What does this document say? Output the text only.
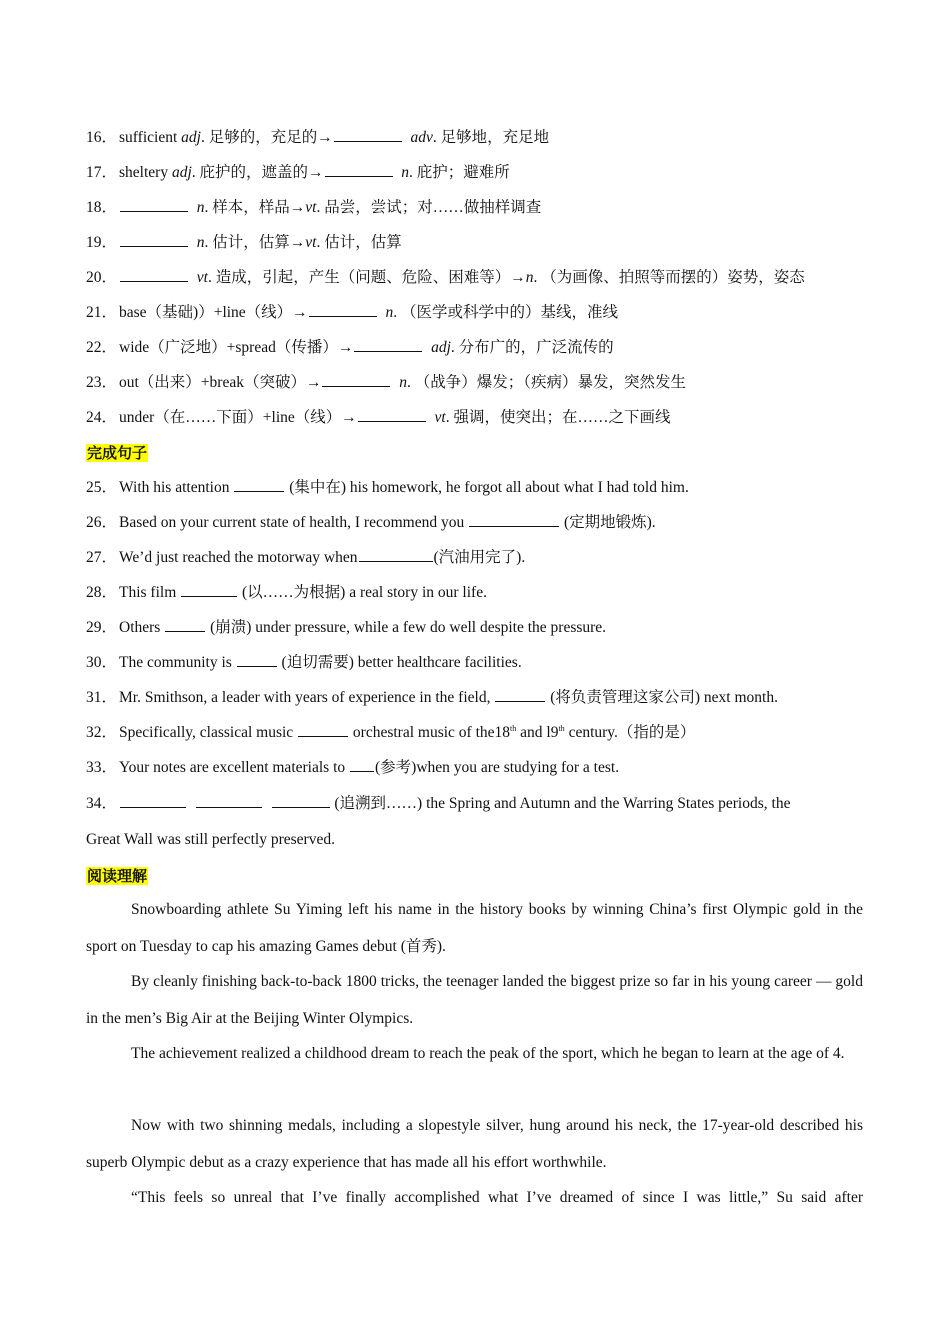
16． sufficient adj. 足够的，充足的→	adv. 足够地，充足地
17． sheltery adj. 庇护的，遮盖的→	n. 庇护；避难所
18．	n. 样本，样品→vt. 品尝，尝试；对……做抽样调查
19．	n. 估计，估算→vt. 估计，估算
20．	vt. 造成，引起，产生（问题、危险、困难等）→n. （为画像、拍照等而摆的）姿势，姿态
21． base（基础)）+line（线）→	n. （医学或科学中的）基线，准线
22． wide（广泛地）+spread（传播）→	adj. 分布广的，广泛流传的
23． out（出来）+break（突破）→	n. （战争）爆发；（疾病）暴发，突然发生
24． under（在……下面）+line（线）→	vt. 强调，使突出；在……之下画线
完成句子
25． With his attention	(集中在) his homework, he forgot all about what I had told him.
26． Based on your current state of health, I recommend you	(定期地锻炼).
27． We’d just reached the motorway when	(汽油用完了).
28． This film	(以……为根据) a real story in our life.
29． Others	(崩溃) under pressure, while a few do well despite the pressure.
30． The community is	(迫切需要) better healthcare facilities.
31． Mr. Smithson, a leader with years of experience in the field,	(将负责管理这家公司) next month.
32． Specifically, classical music	orchestral music of the18th and l9th century.（指的是）
33． Your notes are excellent materials to (参考)when you are studying for a test.
34．	(追溯到……) the Spring and Autumn and the Warring States periods, the
Great Wall was still perfectly preserved.
阅读理解
Snowboarding athlete Su Yiming left his name in the history books by winning China’s first Olympic gold in the sport on Tuesday to cap his amazing Games debut (首秀).
By cleanly finishing back-to-back 1800 tricks, the teenager landed the biggest prize so far in his young career — gold in the men’s Big Air at the Beijing Winter Olympics.
The achievement realized a childhood dream to reach the peak of the sport, which he began to learn at the age of 4.
Now with two shinning medals, including a slopestyle silver, hung around his neck, the 17-year-old described his superb Olympic debut as a crazy experience that has made all his effort worthwhile.
“This feels so unreal that I’ve finally accomplished what I’ve dreamed of since I was little,” Su said after
